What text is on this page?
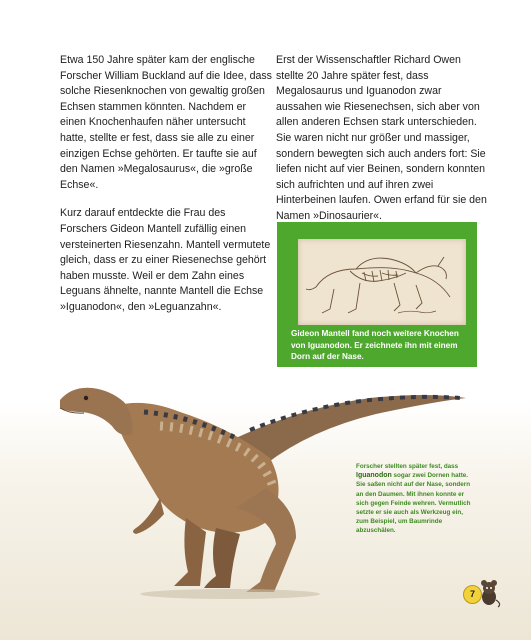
Etwa 150 Jahre später kam der englische Forscher William Buckland auf die Idee, dass solche Riesenknochen von gewaltig großen Echsen stammen könnten. Nachdem er einen Knochenhaufen näher untersucht hatte, stellte er fest, dass sie alle zu einer einzigen Echse gehörten. Er taufte sie auf den Namen »Megalosaurus«, die »große Echse«.

Kurz darauf entdeckte die Frau des Forschers Gideon Mantell zufällig einen versteinerten Riesenzahn. Mantell vermutete gleich, dass er zu einer Riesenechse gehört haben musste. Weil er dem Zahn eines Leguans ähnelte, nannte Mantell die Echse »Iguanodon«, den »Leguanzahn«.

Erst der Wissenschaftler Richard Owen stellte 20 Jahre später fest, dass Megalosaurus und Iguanodon zwar aussahen wie Riesenechsen, sich aber von allen anderen Echsen stark unterschieden. Sie waren nicht nur größer und massiger, sondern bewegten sich auch anders fort: Sie liefen nicht auf vier Beinen, sondern konnten sich aufrichten und auf ihren zwei Hinterbeinen laufen. Owen erfand für sie den Namen »Dinosaurier«.

Gideon Mantell fand noch weitere Knochen von Iguanodon. Er zeichnete ihn mit einem Dorn auf der Nase.
Forscher stellten später fest, dass Iguanodon sogar zwei Dornen hatte. Sie saßen nicht auf der Nase, sondern an den Daumen. Mit ihnen konnte er sich gegen Feinde wehren. Vermutlich setzte er sie auch als Werkzeug ein, zum Beispiel, um Baumrinde abzuschälen.
7
